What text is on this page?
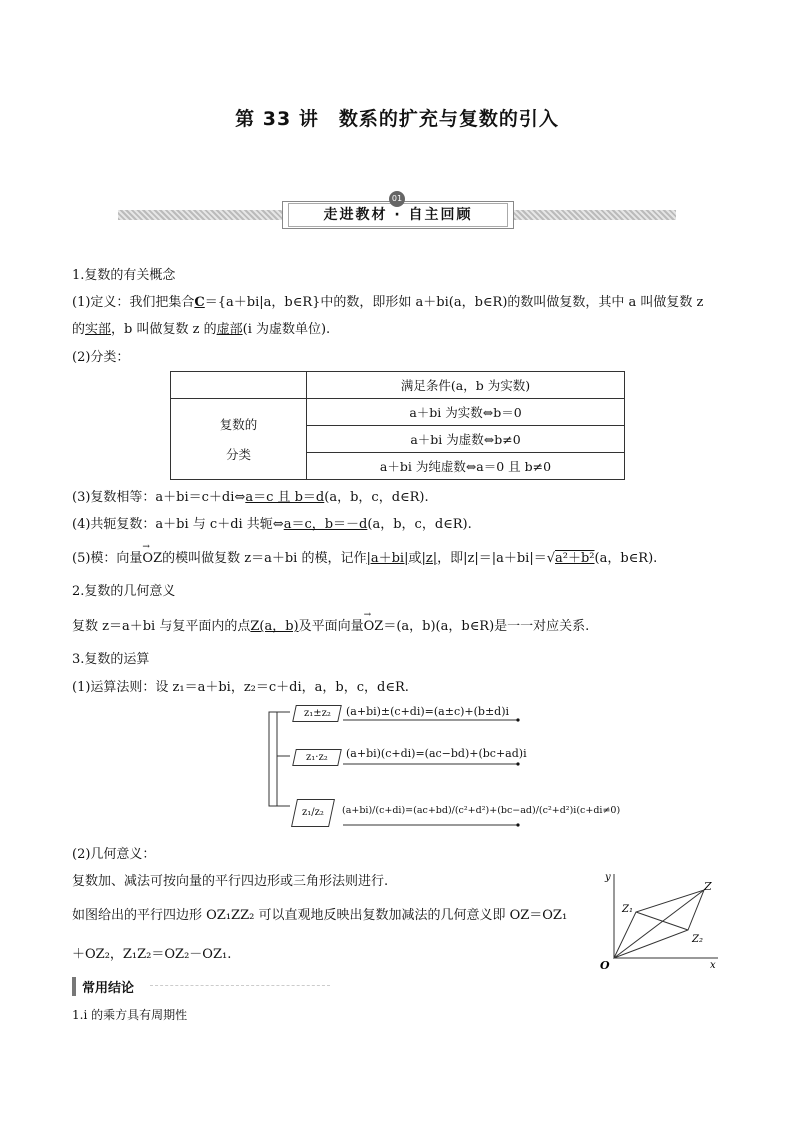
第 33 讲　数系的扩充与复数的引入
走进教材 · 自主回顾
01
1.复数的有关概念
(1)定义：我们把集合C＝{a＋bi|a，b∈R}中的数，即形如 a＋bi(a，b∈R)的数叫做复数，其中 a 叫做复数 z
的实部，b 叫做复数 z 的虚部(i 为虚数单位).
(2)分类：
	满足条件(a，b 为实数)

复数的
分类	a＋bi 为实数⇔b＝0
	a＋bi 为虚数⇔b≠0
	a＋bi 为纯虚数⇔a＝0 且 b≠0
(3)复数相等：a＋bi＝c＋di⇔a＝c 且 b＝d(a，b，c，d∈R).
(4)共轭复数：a＋bi 与 c＋di 共轭⇔a＝c，b＝－d(a，b，c，d∈R).
(5)模：向量
→
OZ的模叫做复数 z＝a＋bi 的模，记作|a＋bi|或|z|，即|z|＝|a＋bi|＝√a²＋b²(a，b∈R).
2.复数的几何意义
复数 z＝a＋bi 与复平面内的点Z(a，b)及平面向量
→
OZ＝(a，b)(a，b∈R)是一一对应关系.
3.复数的运算
(1)运算法则：设 z₁＝a＋bi，z₂＝c＋di，a，b，c，d∈R.
z₁±z₂	(a+bi)±(c+di)=(a±c)+(b±d)i
z₁·z₂	(a+bi)(c+di)=(ac−bd)+(bc+ad)i
z₁/z₂	(a+bi)/(c+di)=(ac+bd)/(c²+d²)+(bc−ad)/(c²+d²)i(c+di≠0)
(2)几何意义：
复数加、减法可按向量的平行四边形或三角形法则进行.
如图给出的平行四边形 OZ₁ZZ₂ 可以直观地反映出复数加减法的几何意义即 OZ＝OZ₁
＋OZ₂，Z₁Z₂＝OZ₂－OZ₁.
y
x
O
Z
Z₁
Z₂
常用结论
1.i 的乘方具有周期性
